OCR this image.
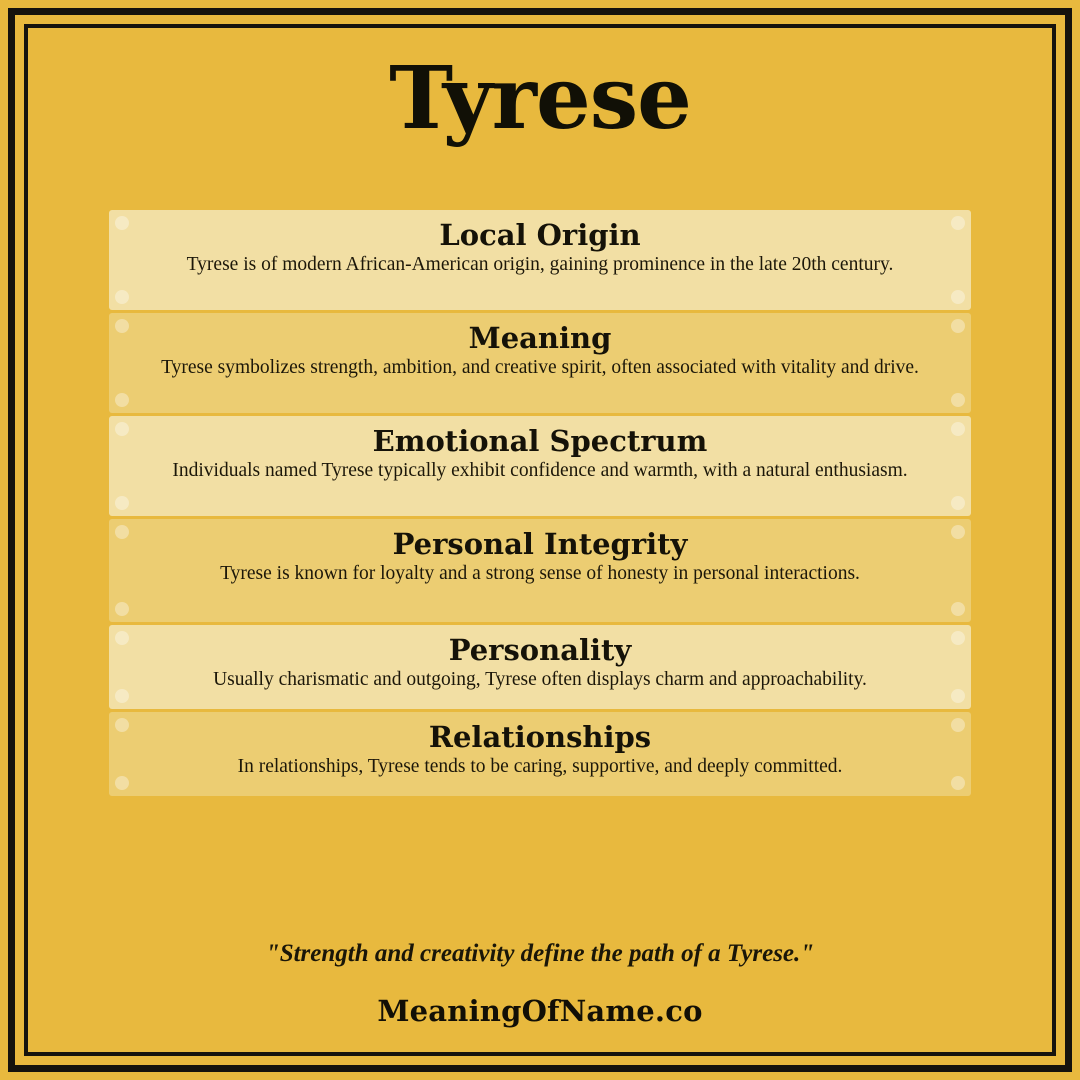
Tyrese
Local Origin
Tyrese is of modern African-American origin, gaining prominence in the late 20th century.
Meaning
Tyrese symbolizes strength, ambition, and creative spirit, often associated with vitality and drive.
Emotional Spectrum
Individuals named Tyrese typically exhibit confidence and warmth, with a natural enthusiasm.
Personal Integrity
Tyrese is known for loyalty and a strong sense of honesty in personal interactions.
Personality
Usually charismatic and outgoing, Tyrese often displays charm and approachability.
Relationships
In relationships, Tyrese tends to be caring, supportive, and deeply committed.
"Strength and creativity define the path of a Tyrese."
MeaningOfName.co
